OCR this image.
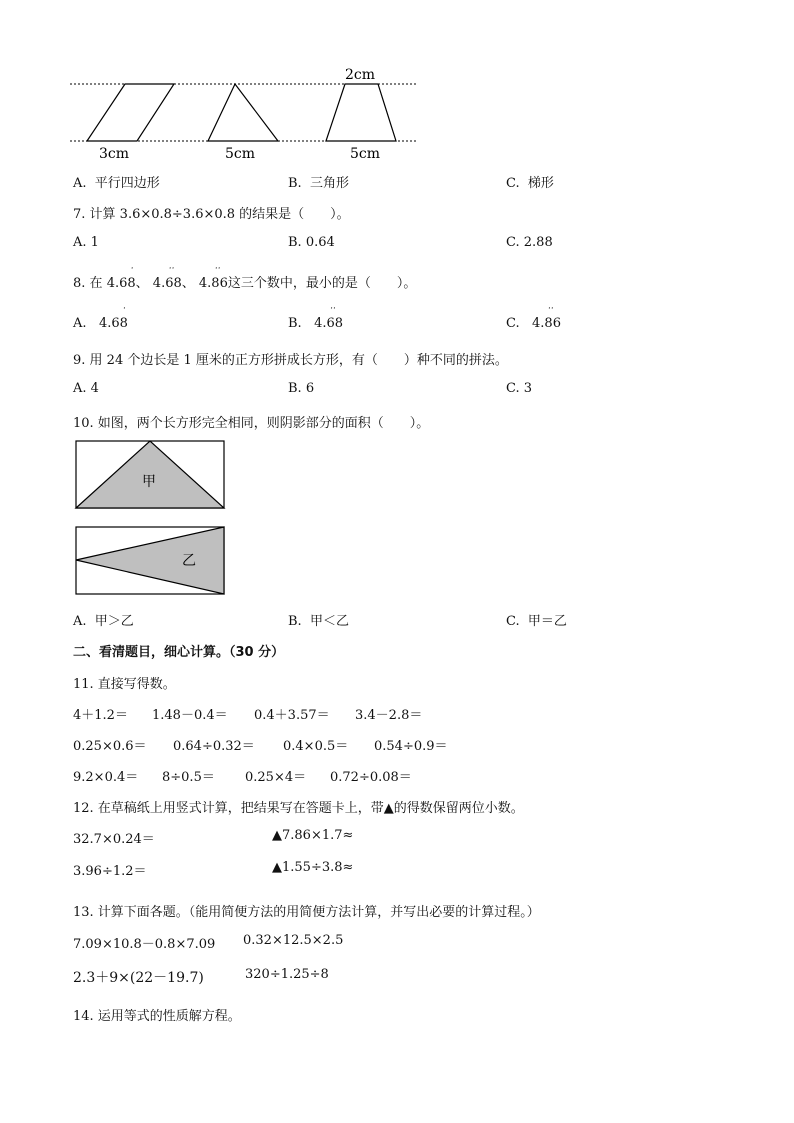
2cm
3cm	5cm	5cm
A. 平行四边形	B. 三角形	C. 梯形
7. 计算 3.6×0.8÷3.6×0.8 的结果是（　　）。
A. 1	B. 0.64	C. 2.88
8. 在 4.68
·
、 4.68
··
、 4.86
··
这三个数中，最小的是（　　）。
A. 4.68
·
B. 4.68
··
C. 4.86
··
9. 用 24 个边长是 1 厘米的正方形拼成长方形，有（　　）种不同的拼法。
A. 4	B. 6	C. 3
10. 如图，两个长方形完全相同，则阴影部分的面积（　　）。
甲
乙
A. 甲＞乙	B. 甲＜乙	C. 甲＝乙
二、看清题目，细心计算。（30 分）
11. 直接写得数。
4＋1.2＝ 1.48－0.4＝ 0.4＋3.57＝ 3.4－2.8＝
0.25×0.6＝ 0.64÷0.32＝ 0.4×0.5＝ 0.54÷0.9＝
9.2×0.4＝ 8÷0.5＝ 0.25×4＝ 0.72÷0.08＝
12. 在草稿纸上用竖式计算，把结果写在答题卡上，带▲的得数保留两位小数。
32.7×0.24＝	▲7.86×1.7≈
3.96÷1.2＝	▲1.55÷3.8≈
13. 计算下面各题。（能用简便方法的用简便方法计算，并写出必要的计算过程。）
7.09×10.8－0.8×7.09 0.32×12.5×2.5
2.3＋9×(22－19.7)	320÷1.25÷8
14. 运用等式的性质解方程。
